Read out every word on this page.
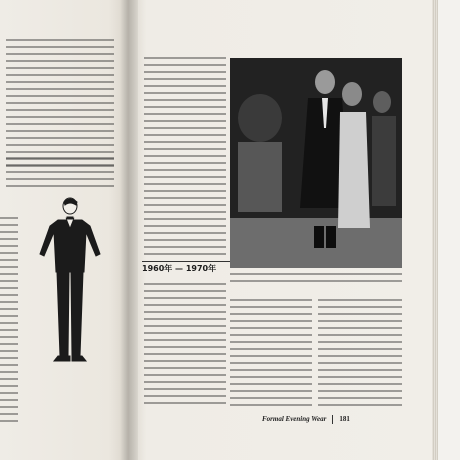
1960年 — 1970年
Formal Evening Wear 181
